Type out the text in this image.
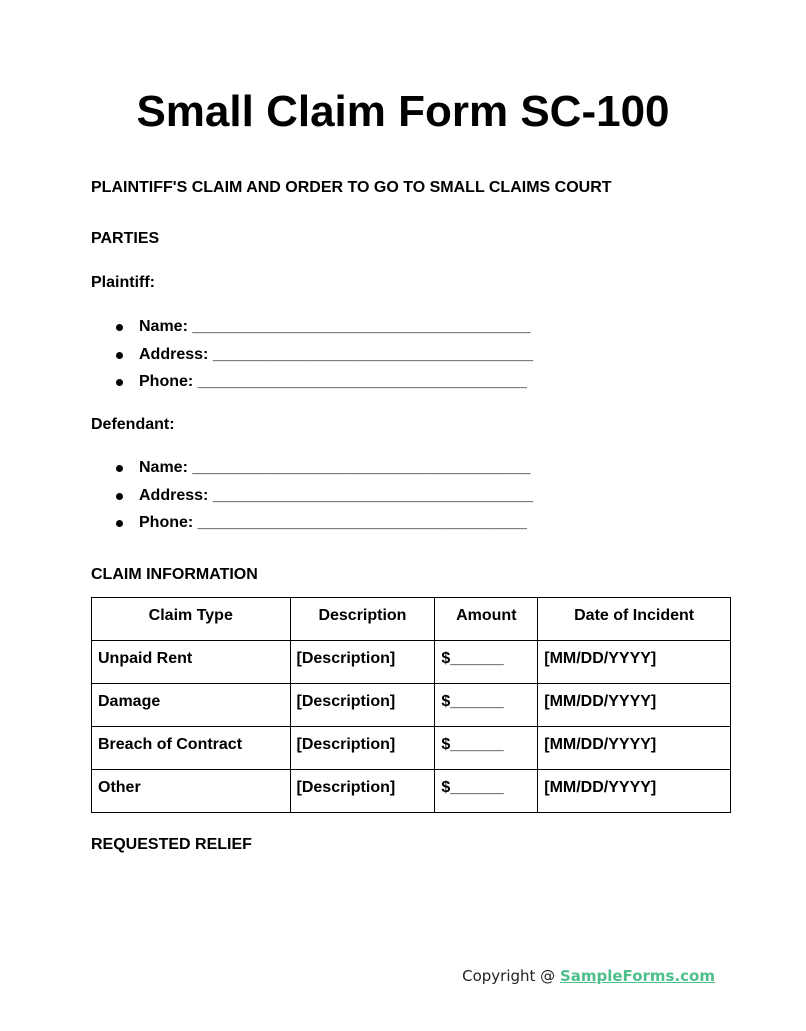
Small Claim Form SC-100
PLAINTIFF'S CLAIM AND ORDER TO GO TO SMALL CLAIMS COURT
PARTIES
Plaintiff:
Name: ______________________________________
Address: ____________________________________
Phone: _____________________________________
Defendant:
Name: ______________________________________
Address: ____________________________________
Phone: _____________________________________
CLAIM INFORMATION
Claim Type	Description	Amount	Date of Incident
Unpaid Rent	[Description]	$______	[MM/DD/YYYY]
Damage	[Description]	$______	[MM/DD/YYYY]
Breach of Contract	[Description]	$______	[MM/DD/YYYY]
Other	[Description]	$______	[MM/DD/YYYY]
REQUESTED RELIEF
Copyright @ SampleForms.com
